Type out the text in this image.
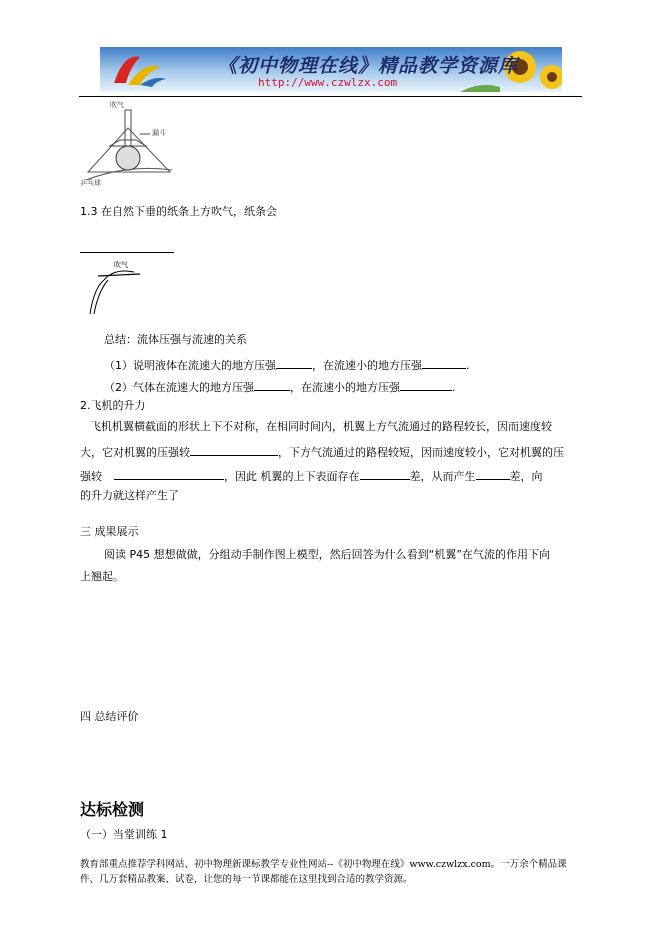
《初中物理在线》精品教学资源库
http://www.czwlzx.com
吹气
漏斗
乒乓球
1.3 在自然下垂的纸条上方吹气，纸条会
吹气
总结：流体压强与流速的关系
（1）说明液体在流速大的地方压强	，在流速小的地方压强	.
（2）气体在流速大的地方压强	，在流速小的地方压强	.
2.飞机的升力
飞机机翼横截面的形状上下不对称，在相同时间内，机翼上方气流通过的路程较长，因而速度较
大，它对机翼的压强较	，下方气流通过的路程较短，因而速度较小，它对机翼的压
强较	，因此 机翼的上下表面存在	差，从而产生	差，向
的升力就这样产生了
三 成果展示
阅读 P45 想想做做，分组动手制作图上模型，然后回答为什么看到“机翼”在气流的作用下向
上翘起。
四 总结评价
达标检测
（一）当堂训练 1
教育部重点推荐学科网站、初中物理新课标教学专业性网站--《初中物理在线》www.czwlzx.com。一万余个精品课
件、几万套精品教案、试卷，让您的每一节课都能在这里找到合适的教学资源。
